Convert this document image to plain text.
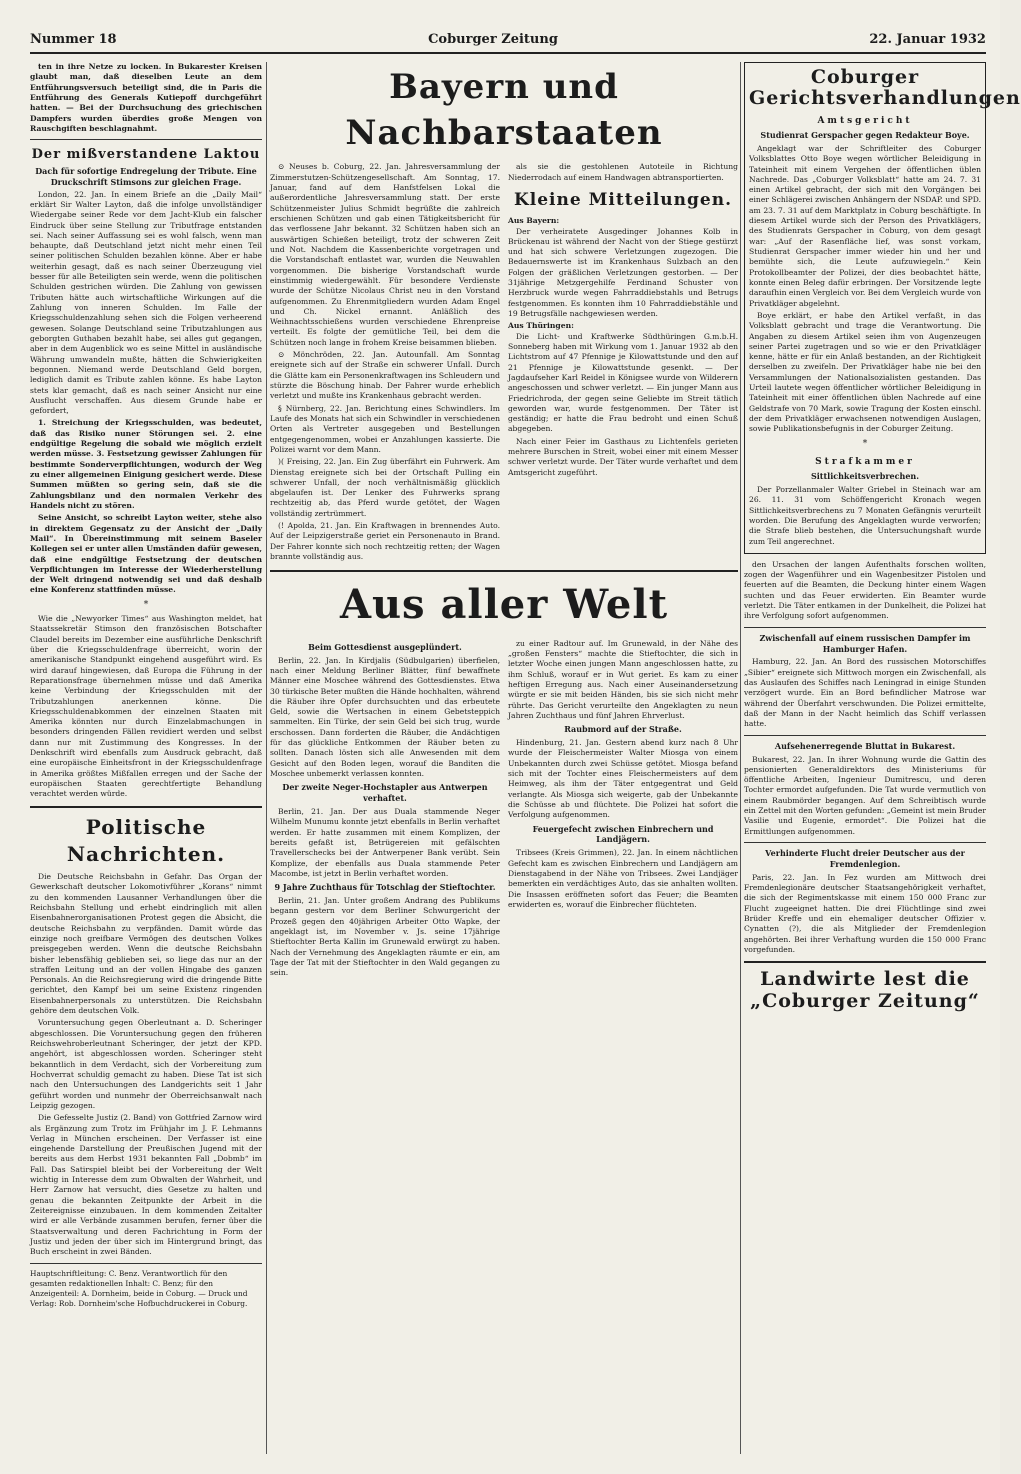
Nummer 18	Coburger Zeitung	22. Januar 1932

ten in ihre Netze zu locken. In Bukarester Kreisen glaubt man, daß dieselben Leute an dem Entführungsversuch beteiligt sind, die in Paris die Entführung des Generals Kutiepoff durchgeführt hatten. — Bei der Durchsuchung des griechischen Dampfers wurden überdies große Mengen von Rauschgiften beschlagnahmt.

Der mißverstandene Laktou
Dach für sofortige Endregelung der Tribute. Eine Druckschrift Stimsons zur gleichen Frage.

London, 22. Jan. In einem Briefe an die „Daily Mail“ erklärt Sir Walter Layton, daß die infolge unvollständiger Wiedergabe seiner Rede vor dem Jacht-Klub ein falscher Eindruck über seine Stellung zur Tributfrage entstanden sei. Nach seiner Auffassung sei es wohl falsch, wenn man behaupte, daß Deutschland jetzt nicht mehr einen Teil seiner politischen Schulden bezahlen könne. Aber er habe weiterhin gesagt, daß es nach seiner Überzeugung viel besser für alle Beteiligten sein werde, wenn die politischen Schulden gestrichen würden. Die Zahlung von gewissen Tributen hätte auch wirtschaftliche Wirkungen auf die Zahlung von inneren Schulden. Im Falle der Kriegsschuldenzahlung sehen sich die Folgen verheerend gewesen. Solange Deutschland seine Tributzahlungen aus geborgten Guthaben bezahlt habe, sei alles gut gegangen, aber in dem Augenblick wo es seine Mittel in ausländische Währung umwandeln mußte, hätten die Schwierigkeiten begonnen. Niemand werde Deutschland Geld borgen, lediglich damit es Tribute zahlen könne. Es habe Layton stets klar gemacht, daß es nach seiner Ansicht nur eine Ausflucht verschaffen. Aus diesem Grunde habe er gefordert,

1. Streichung der Kriegsschulden, was bedeutet, daß das Risiko nuner Störungen sei. 2. eine endgültige Regelung die sobald wie möglich erzielt werden müsse. 3. Festsetzung gewisser Zahlungen für bestimmte Sonderverpflichtungen, wodurch der Weg zu einer allgemeinen Einigung gesichert werde. Diese Summen müßten so gering sein, daß sie die Zahlungsbilanz und den normalen Verkehr des Handels nicht zu stören.

Seine Ansicht, so schreibt Layton weiter, stehe also in direktem Gegensatz zu der Ansicht der „Daily Mail“. In Übereinstimmung mit seinem Baseler Kollegen sei er unter allen Umständen dafür gewesen, daß eine endgültige Festsetzung der deutschen Verpflichtungen im Interesse der Wiederherstellung der Welt dringend notwendig sei und daß deshalb eine Konferenz stattfinden müsse.

*

Wie die „Newyorker Times“ aus Washington meldet, hat Staatssekretär Stimson den französischen Botschafter Claudel bereits im Dezember eine ausführliche Denkschrift über die Kriegsschuldenfrage überreicht, worin der amerikanische Standpunkt eingehend ausgeführt wird. Es wird darauf hingewiesen, daß Europa die Führung in der Reparationsfrage übernehmen müsse und daß Amerika keine Verbindung der Kriegsschulden mit der Tributzahlungen anerkennen könne. Die Kriegsschuldenabkommen der einzelnen Staaten mit Amerika könnten nur durch Einzelabmachungen in besonders dringenden Fällen revidiert werden und selbst dann nur mit Zustimmung des Kongresses. In der Denkschrift wird ebenfalls zum Ausdruck gebracht, daß eine europäische Einheitsfront in der Kriegsschuldenfrage in Amerika größtes Mißfallen erregen und der Sache der europäischen Staaten gerechtfertigte Behandlung verachtet werden würde.

Politische Nachrichten.

Die Deutsche Reichsbahn in Gefahr. Das Organ der Gewerkschaft deutscher Lokomotivführer „Korans“ nimmt zu den kommenden Lausanner Verhandlungen über die Reichsbahn Stellung und erhebt eindringlich mit allen Eisenbahnerorganisationen Protest gegen die Absicht, die deutsche Reichsbahn zu verpfänden. Damit würde das einzige noch greifbare Vermögen des deutschen Volkes preisgegeben werden. Wenn die deutsche Reichsbahn bisher lebensfähig geblieben sei, so liege das nur an der straffen Leitung und an der vollen Hingabe des ganzen Personals. An die Reichsregierung wird die dringende Bitte gerichtet, den Kampf bei um seine Existenz ringenden Eisenbahnerpersonals zu unterstützen. Die Reichsbahn gehöre dem deutschen Volk.

Voruntersuchung gegen Oberleutnant a. D. Scheringer abgeschlossen. Die Voruntersuchung gegen den früheren Reichswehroberleutnant Scheringer, der jetzt der KPD. angehört, ist abgeschlossen worden. Scheringer steht bekanntlich in dem Verdacht, sich der Vorbereitung zum Hochverrat schuldig gemacht zu haben. Diese Tat ist sich nach den Untersuchungen des Landgerichts seit 1 Jahr geführt worden und nunmehr der Oberreichsanwalt nach Leipzig gezogen.

Die Gefesselte Justiz (2. Band) von Gottfried Zarnow wird als Ergänzung zum Trotz im Frühjahr im J. F. Lehmanns Verlag in München erscheinen. Der Verfasser ist eine eingehende Darstellung der Preußischen Jugend mit der bereits aus dem Herbst 1931 bekannten Fall „Dobmb“ im Fall. Das Satirspiel bleibt bei der Vorbereitung der Welt wichtig in Interesse dem zum Obwalten der Wahrheit, und Herr Zarnow hat versucht, dies Gesetze zu halten und genau die bekannten Zeitpunkte der Arbeit in die Zeitereignisse einzubauen. In dem kommenden Zeitalter wird er alle Verbände zusammen berufen, ferner über die Staatsverwaltung und deren Fachrichtung in Form der Justiz und jeden der über sich im Hintergrund bringt, das Buch erscheint in zwei Bänden.

Hauptschriftleitung: C. Benz. Verantwortlich für den gesamten redaktionellen Inhalt: C. Benz; für den Anzeigenteil: A. Dornheim, beide in Coburg. — Druck und Verlag: Rob. Dornheim'sche Hofbuchdruckerei in Coburg.
Bayern und Nachbarstaaten

⊙ Neuses b. Coburg, 22. Jan. Jahresversammlung der Zimmerstutzen-Schützengesellschaft. Am Sonntag, 17. Januar, fand auf dem Hanfstfelsen Lokal die außerordentliche Jahresversammlung statt. Der erste Schützenmeister Julius Schmidt begrüßte die zahlreich erschienen Schützen und gab einen Tätigkeitsbericht für das verflossene Jahr bekannt. 32 Schützen haben sich an auswärtigen Schießen beteiligt, trotz der schweren Zeit und Not. Nachdem die Kassenberichte vorgetragen und die Vorstandschaft entlastet war, wurden die Neuwahlen vorgenommen. Die bisherige Vorstandschaft wurde einstimmig wiedergewählt. Für besondere Verdienste wurde der Schütze Nicolaus Christ neu in den Vorstand aufgenommen. Zu Ehrenmitgliedern wurden Adam Engel und Ch. Nickel ernannt. Anläßlich des Weihnachtsschießens wurden verschiedene Ehrenpreise verteilt. Es folgte der gemütliche Teil, bei dem die Schützen noch lange in frohem Kreise beisammen blieben.

⊙ Mönchröden, 22. Jan. Autounfall. Am Sonntag ereignete sich auf der Straße ein schwerer Unfall. Durch die Glätte kam ein Personenkraftwagen ins Schleudern und stürzte die Böschung hinab. Der Fahrer wurde erheblich verletzt und mußte ins Krankenhaus gebracht werden.

§ Nürnberg, 22. Jan. Berichtung eines Schwindlers. Im Laufe des Monats hat sich ein Schwindler in verschiedenen Orten als Vertreter ausgegeben und Bestellungen entgegengenommen, wobei er Anzahlungen kassierte. Die Polizei warnt vor dem Mann.

)( Freising, 22. Jan. Ein Zug überfährt ein Fuhrwerk. Am Dienstag ereignete sich bei der Ortschaft Pulling ein schwerer Unfall, der noch verhältnismäßig glücklich abgelaufen ist. Der Lenker des Fuhrwerks sprang rechtzeitig ab, das Pferd wurde getötet, der Wagen vollständig zertrümmert.

(! Apolda, 21. Jan. Ein Kraftwagen in brennendes Auto. Auf der Leipzigerstraße geriet ein Personenauto in Brand. Der Fahrer konnte sich noch rechtzeitig retten; der Wagen brannte vollständig aus.

als sie die gestohlenen Autoteile in Richtung Niederrodach auf einem Handwagen abtransportierten.

Kleine Mitteilungen.
Aus Bayern:

Der verheiratete Ausgedinger Johannes Kolb in Brückenau ist während der Nacht von der Stiege gestürzt und hat sich schwere Verletzungen zugezogen. Die Bedauernswerte ist im Krankenhaus Sulzbach an den Folgen der gräßlichen Verletzungen gestorben. — Der 31jährige Metzgergehilfe Ferdinand Schuster von Herzbruck wurde wegen Fahrraddiebstahls und Betrugs festgenommen. Es konnten ihm 10 Fahrraddiebstähle und 19 Betrugsfälle nachgewiesen werden.

Aus Thüringen:

Die Licht- und Kraftwerke Südthüringen G.m.b.H. Sonneberg haben mit Wirkung vom 1. Januar 1932 ab den Lichtstrom auf 47 Pfennige je Kilowattstunde und den auf 21 Pfennige je Kilowattstunde gesenkt. — Der Jagdaufseher Karl Reidel in Königsee wurde von Wilderern angeschossen und schwer verletzt. — Ein junger Mann aus Friedrichroda, der gegen seine Geliebte im Streit tätlich geworden war, wurde festgenommen. Der Täter ist geständig; er hatte die Frau bedroht und einen Schuß abgegeben.

Nach einer Feier im Gasthaus zu Lichtenfels gerieten mehrere Burschen in Streit, wobei einer mit einem Messer schwer verletzt wurde. Der Täter wurde verhaftet und dem Amtsgericht zugeführt.

Aus aller Welt
Beim Gottesdienst ausgeplündert.

Berlin, 22. Jan. In Kirdjalis (Südbulgarien) überfielen, nach einer Meldung Berliner Blätter, fünf bewaffnete Männer eine Moschee während des Gottesdienstes. Etwa 30 türkische Beter mußten die Hände hochhalten, während die Räuber ihre Opfer durchsuchten und das erbeutete Geld, sowie die Wertsachen in einem Gebetsteppich sammelten. Ein Türke, der sein Geld bei sich trug, wurde erschossen. Dann forderten die Räuber, die Andächtigen für das glückliche Entkommen der Räuber beten zu sollten. Danach lösten sich alle Anwesenden mit dem Gesicht auf den Boden legen, worauf die Banditen die Moschee unbemerkt verlassen konnten.

Der zweite Neger-Hochstapler aus Antwerpen verhaftet.

Berlin, 21. Jan. Der aus Duala stammende Neger Wilhelm Munumu konnte jetzt ebenfalls in Berlin verhaftet werden. Er hatte zusammen mit einem Komplizen, der bereits gefaßt ist, Betrügereien mit gefälschten Travellerschecks bei der Antwerpener Bank verübt. Sein Komplize, der ebenfalls aus Duala stammende Peter Macombe, ist jetzt in Berlin verhaftet worden.

9 Jahre Zuchthaus für Totschlag der Stieftochter.

Berlin, 21. Jan. Unter großem Andrang des Publikums begann gestern vor dem Berliner Schwurgericht der Prozeß gegen den 40jährigen Arbeiter Otto Wapke, der angeklagt ist, im November v. Js. seine 17jährige Stieftochter Berta Kallin im Grunewald erwürgt zu haben. Nach der Vernehmung des Angeklagten räumte er ein, am Tage der Tat mit der Stieftochter in den Wald gegangen zu sein.

zu einer Radtour auf. Im Grunewald, in der Nähe des „großen Fensters“ machte die Stieftochter, die sich in letzter Woche einen jungen Mann angeschlossen hatte, zu ihm Schluß, worauf er in Wut geriet. Es kam zu einer heftigen Erregung aus. Nach einer Auseinandersetzung würgte er sie mit beiden Händen, bis sie sich nicht mehr rührte. Das Gericht verurteilte den Angeklagten zu neun Jahren Zuchthaus und fünf Jahren Ehrverlust.

Raubmord auf der Straße.

Hindenburg, 21. Jan. Gestern abend kurz nach 8 Uhr wurde der Fleischermeister Walter Miosga von einem Unbekannten durch zwei Schüsse getötet. Miosga befand sich mit der Tochter eines Fleischermeisters auf dem Heimweg, als ihm der Täter entgegentrat und Geld verlangte. Als Miosga sich weigerte, gab der Unbekannte die Schüsse ab und flüchtete. Die Polizei hat sofort die Verfolgung aufgenommen.

Feuergefecht zwischen Einbrechern und Landjägern.

Tribsees (Kreis Grimmen), 22. Jan. In einem nächtlichen Gefecht kam es zwischen Einbrechern und Landjägern am Dienstagabend in der Nähe von Tribsees. Zwei Landjäger bemerkten ein verdächtiges Auto, das sie anhalten wollten. Die Insassen eröffneten sofort das Feuer; die Beamten erwiderten es, worauf die Einbrecher flüchteten.

Coburger Gerichtsverhandlungen
Amtsgericht
Studienrat Gerspacher gegen Redakteur Boye.

Angeklagt war der Schriftleiter des Coburger Volksblattes Otto Boye wegen wörtlicher Beleidigung in Tateinheit mit einem Vergehen der öffentlichen üblen Nachrede. Das „Coburger Volksblatt“ hatte am 24. 7. 31 einen Artikel gebracht, der sich mit den Vorgängen bei einer Schlägerei zwischen Anhängern der NSDAP. und SPD. am 23. 7. 31 auf dem Marktplatz in Coburg beschäftigte. In diesem Artikel wurde sich der Person des Privatklägers, des Studienrats Gerspacher in Coburg, von dem gesagt war: „Auf der Rasenfläche lief, was sonst vorkam, Studienrat Gerspacher immer wieder hin und her und bemühte sich, die Leute aufzuwiegeln.“ Kein Protokollbeamter der Polizei, der dies beobachtet hätte, konnte einen Beleg dafür erbringen. Der Vorsitzende legte daraufhin einen Vergleich vor. Bei dem Vergleich wurde von Privatkläger abgelehnt.

Boye erklärt, er habe den Artikel verfaßt, in das Volksblatt gebracht und trage die Verantwortung. Die Angaben zu diesem Artikel seien ihm von Augenzeugen seiner Partei zugetragen und so wie er den Privatkläger kenne, hätte er für ein Anlaß bestanden, an der Richtigkeit derselben zu zweifeln. Der Privatkläger habe nie bei den Versammlungen der Nationalsozialisten gestanden. Das Urteil lautete wegen öffentlicher wörtlicher Beleidigung in Tateinheit mit einer öffentlichen üblen Nachrede auf eine Geldstrafe von 70 Mark, sowie Tragung der Kosten einschl. der dem Privatkläger erwachsenen notwendigen Auslagen, sowie Publikationsbefugnis in der Coburger Zeitung.

*
Strafkammer
Sittlichkeitsverbrechen.

Der Porzellanmaler Walter Griebel in Steinach war am 26. 11. 31 vom Schöffengericht Kronach wegen Sittlichkeitsverbrechens zu 7 Monaten Gefängnis verurteilt worden. Die Berufung des Angeklagten wurde verworfen; die Strafe blieb bestehen, die Untersuchungshaft wurde zum Teil angerechnet.

den Ursachen der langen Aufenthalts forschen wollten, zogen der Wagenführer und ein Wagenbesitzer Pistolen und feuerten auf die Beamten, die Deckung hinter einem Wagen suchten und das Feuer erwiderten. Ein Beamter wurde verletzt. Die Täter entkamen in der Dunkelheit, die Polizei hat ihre Verfolgung sofort aufgenommen.

Zwischenfall auf einem russischen Dampfer im Hamburger Hafen.

Hamburg, 22. Jan. An Bord des russischen Motorschiffes „Sibier“ ereignete sich Mittwoch morgen ein Zwischenfall, als das Auslaufen des Schiffes nach Leningrad in einige Stunden verzögert wurde. Ein an Bord befindlicher Matrose war während der Überfahrt verschwunden. Die Polizei ermittelte, daß der Mann in der Nacht heimlich das Schiff verlassen hatte.

Aufsehenerregende Bluttat in Bukarest.

Bukarest, 22. Jan. In ihrer Wohnung wurde die Gattin des pensionierten Generaldirektors des Ministeriums für öffentliche Arbeiten, Ingenieur Dumitrescu, und deren Tochter ermordet aufgefunden. Die Tat wurde vermutlich von einem Raubmörder begangen. Auf dem Schreibtisch wurde ein Zettel mit den Worten gefunden: „Gemeint ist mein Bruder Vasilie und Eugenie, ermordet“. Die Polizei hat die Ermittlungen aufgenommen.

Verhinderte Flucht dreier Deutscher aus der Fremdenlegion.

Paris, 22. Jan. In Fez wurden am Mittwoch drei Fremdenlegionäre deutscher Staatsangehörigkeit verhaftet, die sich der Regimentskasse mit einem 150 000 Franc zur Flucht zugeeignet hatten. Die drei Flüchtlinge sind zwei Brüder Kreffe und ein ehemaliger deutscher Offizier v. Cynatten (?), die als Mitglieder der Fremdenlegion angehörten. Bei ihrer Verhaftung wurden die 150 000 Franc vorgefunden.

Landwirte lest die „Coburger Zeitung“
